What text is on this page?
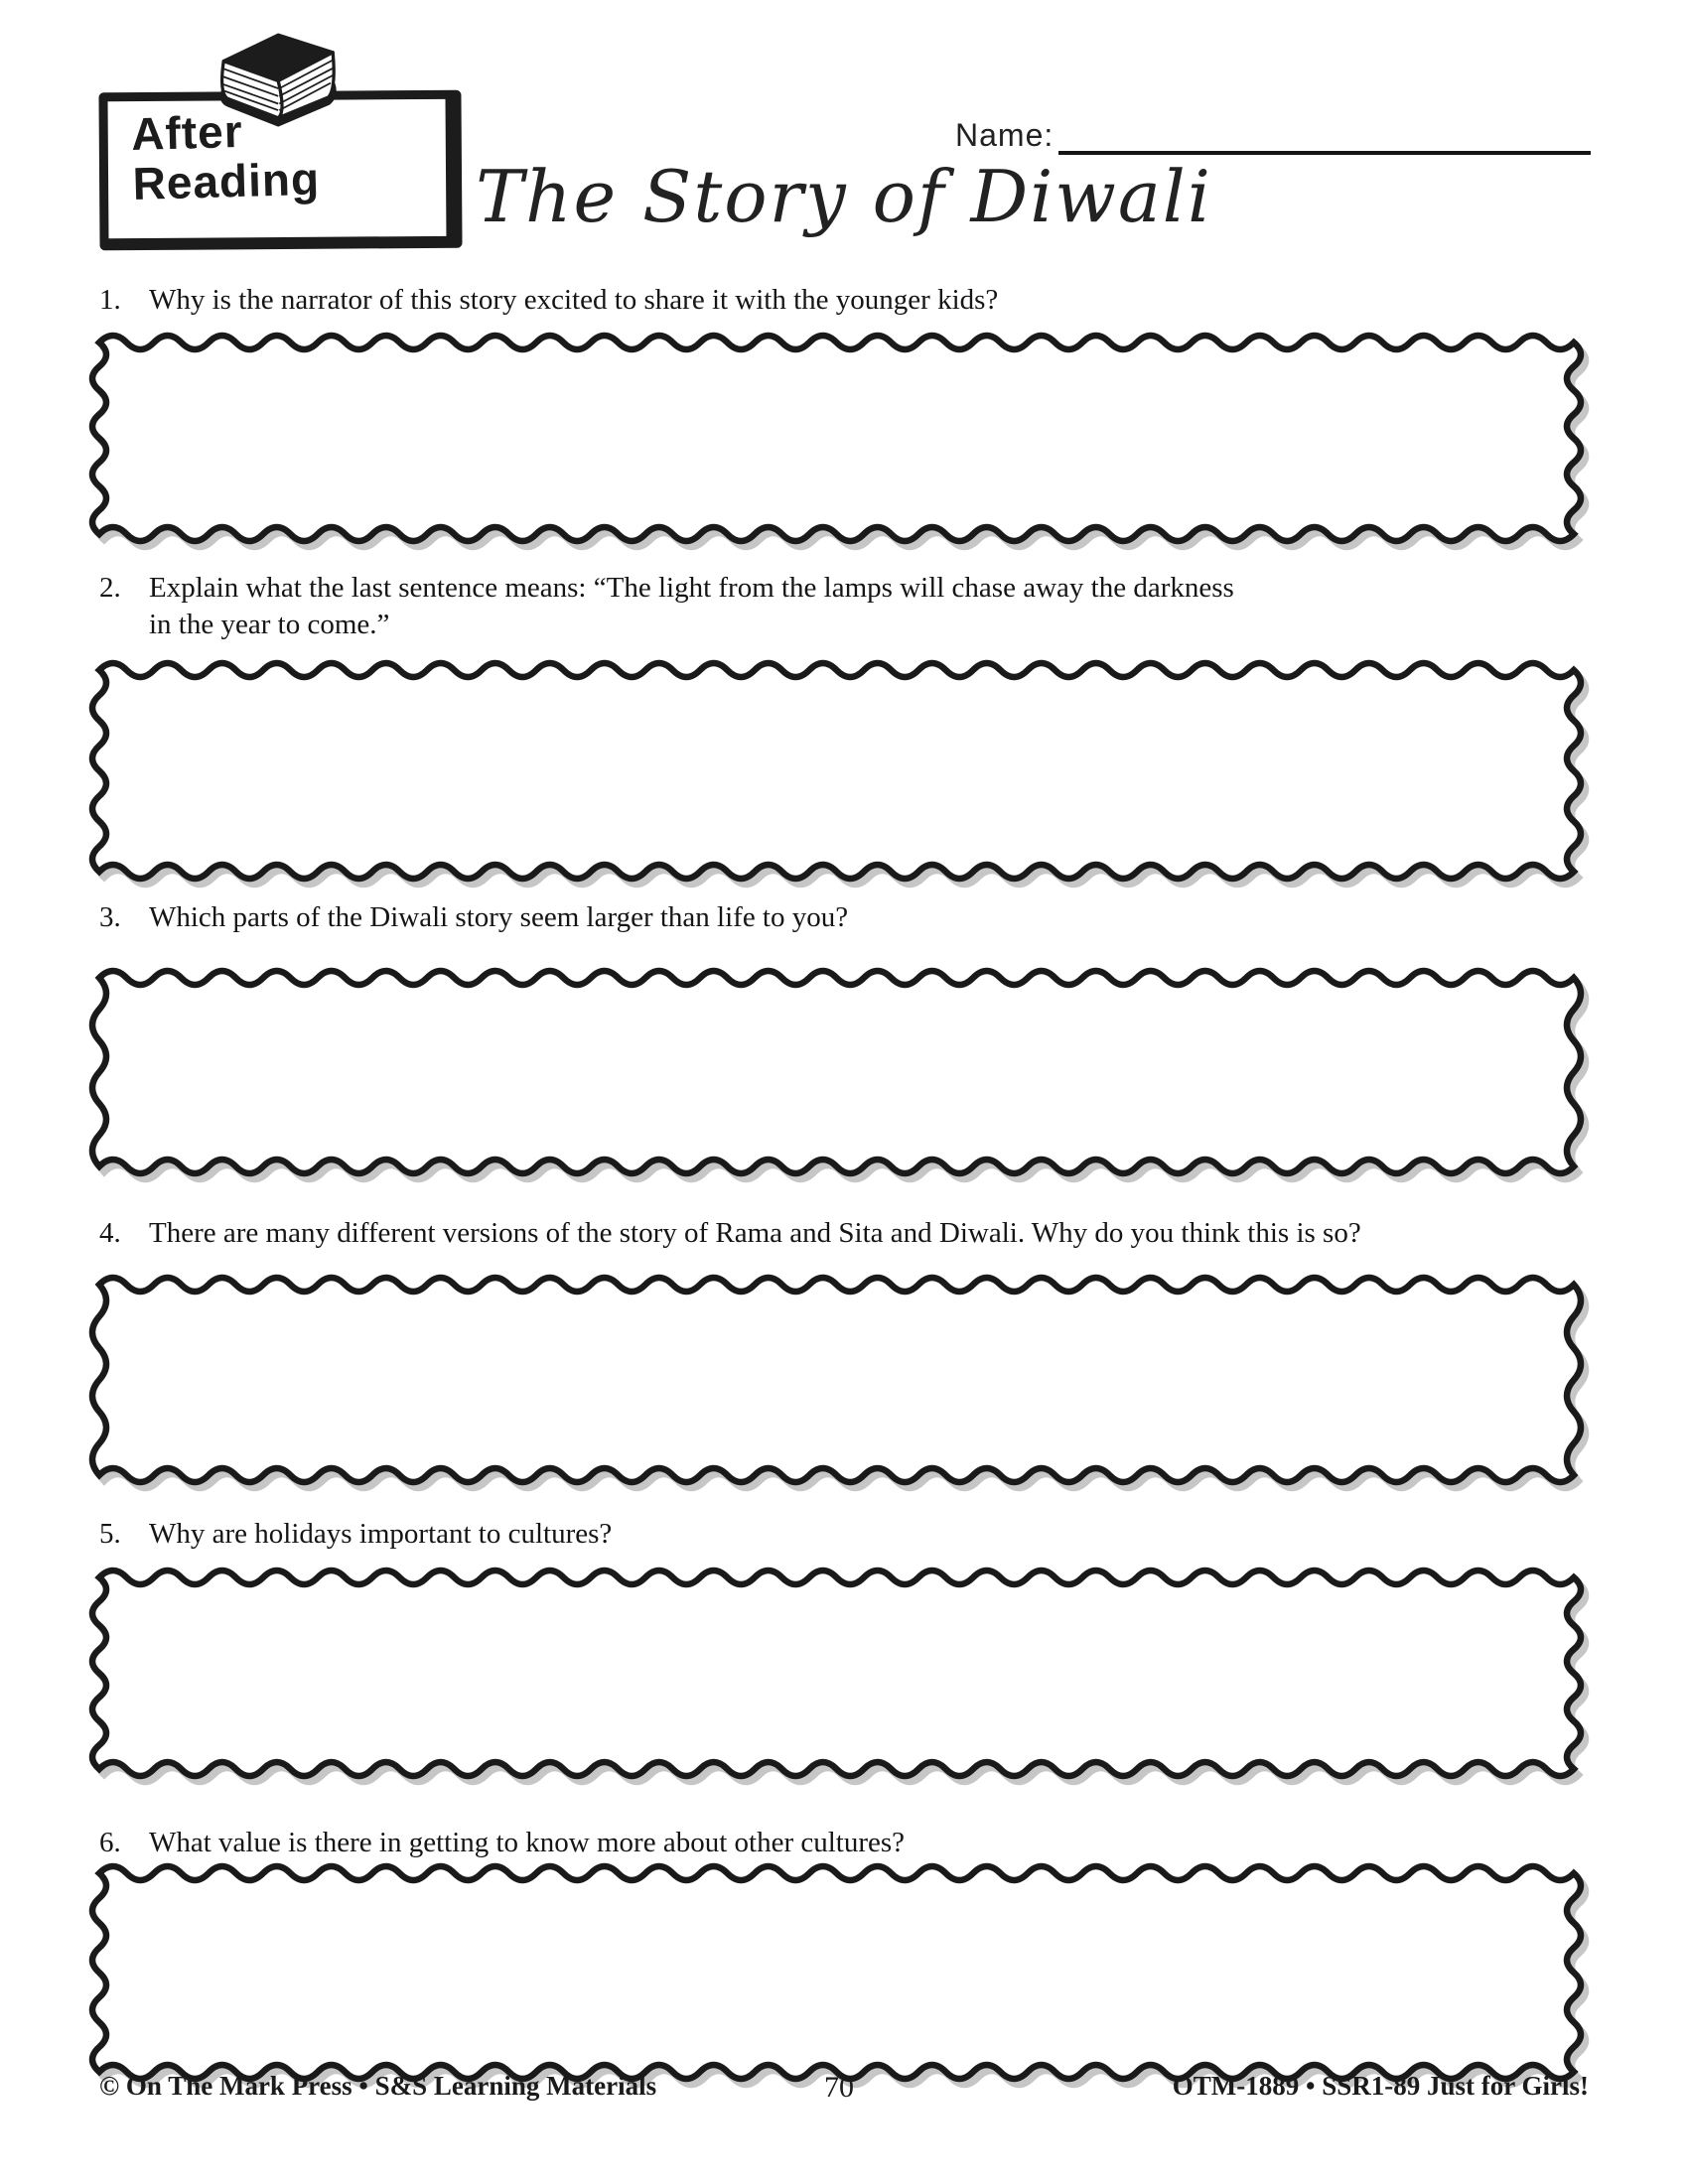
After
Reading
Name:
The Story of Diwali
1. Why is the narrator of this story excited to share it with the younger kids?
2. Explain what the last sentence means: “The light from the lamps will chase away the darkness
in the year to come.”
3. Which parts of the Diwali story seem larger than life to you?
4. There are many different versions of the story of Rama and Sita and Diwali. Why do you think this is so?
5. Why are holidays important to cultures?
6. What value is there in getting to know more about other cultures?
© On The Mark Press • S&S Learning Materials	70	OTM-1889 • SSR1-89 Just for Girls!
